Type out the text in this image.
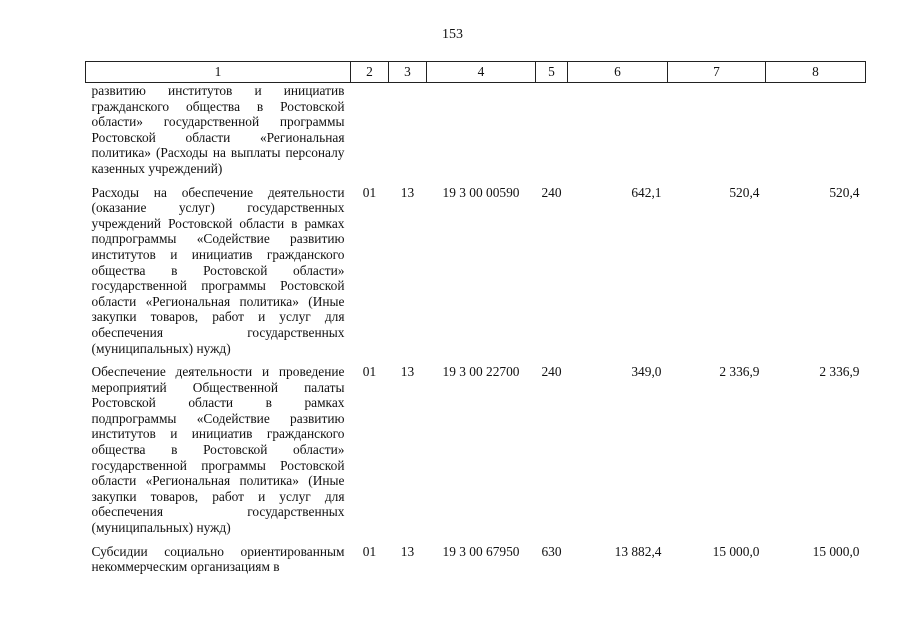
153
1	2	3	4	5	6	7	8
развитию институтов и инициатив гражданского общества в Ростовской области» государственной программы Ростовской области «Региональная политика» (Расходы на выплаты персоналу казенных учреждений)							
Расходы на обеспечение деятельности (оказание услуг) государственных учреждений Ростовской области в рамках подпрограммы «Содействие развитию институтов и инициатив гражданского общества в Ростовской области» государственной программы Ростовской области «Региональная политика» (Иные закупки товаров, работ и услуг для обеспечения государственных (муниципальных) нужд)	01	13	19 3 00 00590	240	642,1	520,4	520,4
Обеспечение деятельности и проведение мероприятий Общественной палаты Ростовской области в рамках подпрограммы «Содействие развитию институтов и инициатив гражданского общества в Ростовской области» государственной программы Ростовской области «Региональная политика» (Иные закупки товаров, работ и услуг для обеспечения государственных (муниципальных) нужд)	01	13	19 3 00 22700	240	349,0	2 336,9	2 336,9
Субсидии социально ориентированным некоммерческим организациям в	01	13	19 3 00 67950	630	13 882,4	15 000,0	15 000,0
